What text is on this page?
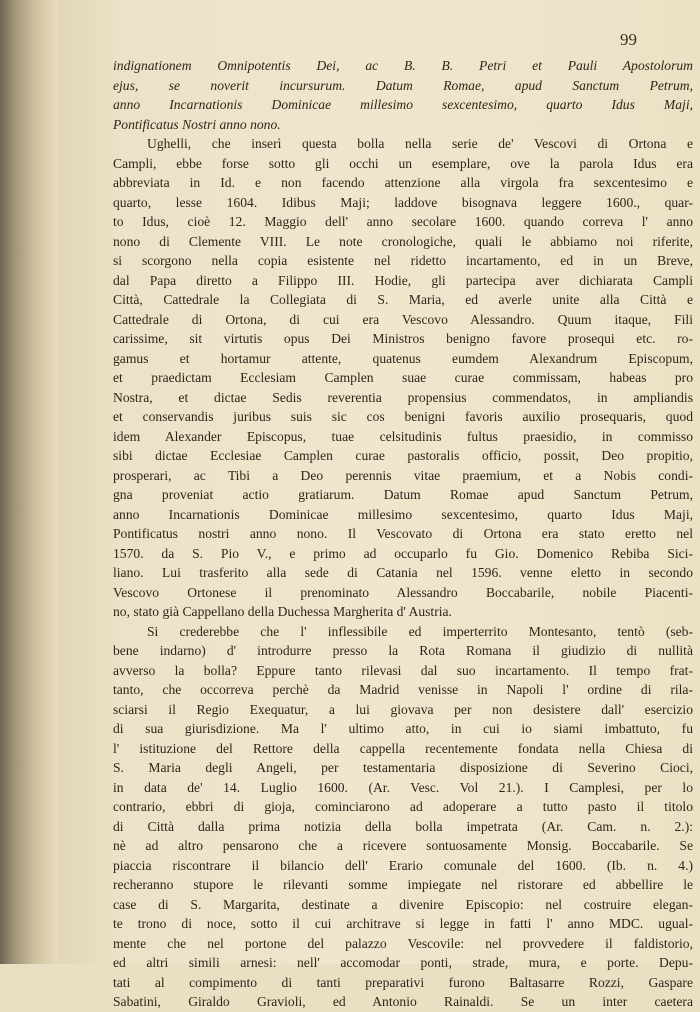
99
indignationem Omnipotentis Dei, ac B. B. Petri et Pauli Apostolorum
ejus, se noverit incursurum. Datum Romae, apud Sanctum Petrum,
anno Incarnationis Dominicae millesimo sexcentesimo, quarto Idus Maji,
Pontificatus Nostri anno nono.
Ughelli, che inserì questa bolla nella serie de' Vescovi di Ortona e
Campli, ebbe forse sotto gli occhi un esemplare, ove la parola Idus era
abbreviata in Id. e non facendo attenzione alla virgola fra sexcentesimo e
quarto, lesse 1604. Idibus Maji; laddove bisognava leggere 1600., quar-
to Idus, cioè 12. Maggio dell' anno secolare 1600. quando correva l' anno
nono di Clemente VIII. Le note cronologiche, quali le abbiamo noi riferite,
si scorgono nella copia esistente nel ridetto incartamento, ed in un Breve,
dal Papa diretto a Filippo III. Hodie, gli partecipa aver dichiarata Campli
Città, Cattedrale la Collegiata di S. Maria, ed averle unite alla Città e
Cattedrale di Ortona, di cui era Vescovo Alessandro. Quum itaque, Fili
carissime, sit virtutis opus Dei Ministros benigno favore prosequi etc. ro-
gamus et hortamur attente, quatenus eumdem Alexandrum Episcopum,
et praedictam Ecclesiam Camplen suae curae commissam, habeas pro
Nostra, et dictae Sedis reverentia propensius commendatos, in ampliandis
et conservandis juribus suis sic cos benigni favoris auxilio prosequaris, quod
idem Alexander Episcopus, tuae celsitudinis fultus praesidio, in commisso
sibi dictae Ecclesiae Camplen curae pastoralis officio, possit, Deo propitio,
prosperari, ac Tibi a Deo perennis vitae praemium, et a Nobis condi-
gna proveniat actio gratiarum. Datum Romae apud Sanctum Petrum,
anno Incarnationis Dominicae millesimo sexcentesimo, quarto Idus Maji,
Pontificatus nostri anno nono. Il Vescovato di Ortona era stato eretto nel
1570. da S. Pio V., e primo ad occuparlo fu Gio. Domenico Rebiba Sici-
liano. Lui trasferito alla sede di Catania nel 1596. venne eletto in secondo
Vescovo Ortonese il prenominato Alessandro Boccabarile, nobile Piacenti-
no, stato già Cappellano della Duchessa Margherita d' Austria.
Si crederebbe che l' inflessibile ed imperterrito Montesanto, tentò (seb-
bene indarno) d' introdurre presso la Rota Romana il giudizio di nullità
avverso la bolla? Eppure tanto rilevasi dal suo incartamento. Il tempo frat-
tanto, che occorreva perchè da Madrid venisse in Napoli l' ordine di rila-
sciarsi il Regio Exequatur, a lui giovava per non desistere dall' esercizio
di sua giurisdizione. Ma l' ultimo atto, in cui io siami imbattuto, fu
l' istituzione del Rettore della cappella recentemente fondata nella Chiesa di
S. Maria degli Angeli, per testamentaria disposizione di Severino Cioci,
in data de' 14. Luglio 1600. (Ar. Vesc. Vol 21.). I Camplesi, per lo
contrario, ebbri di gioja, cominciarono ad adoperare a tutto pasto il titolo
di Città dalla prima notizia della bolla impetrata (Ar. Cam. n. 2.):
nè ad altro pensarono che a ricevere sontuosamente Monsig. Boccabarile. Se
piaccia riscontrare il bilancio dell' Erario comunale del 1600. (Ib. n. 4.)
recheranno stupore le rilevanti somme impiegate nel ristorare ed abbellire le
case di S. Margarita, destinate a divenire Episcopio: nel costruire elegan-
te trono di noce, sotto il cui architrave si legge in fatti l' anno MDC. ugual-
mente che nel portone del palazzo Vescovile: nel provvedere il faldistorio,
ed altri simili arnesi: nell' accomodar ponti, strade, mura, e porte. Depu-
tati al compimento di tanti preparativi furono Baltasarre Rozzi, Gaspare
Sabatini, Giraldo Gravioli, ed Antonio Rainaldi. Se un inter caetera
